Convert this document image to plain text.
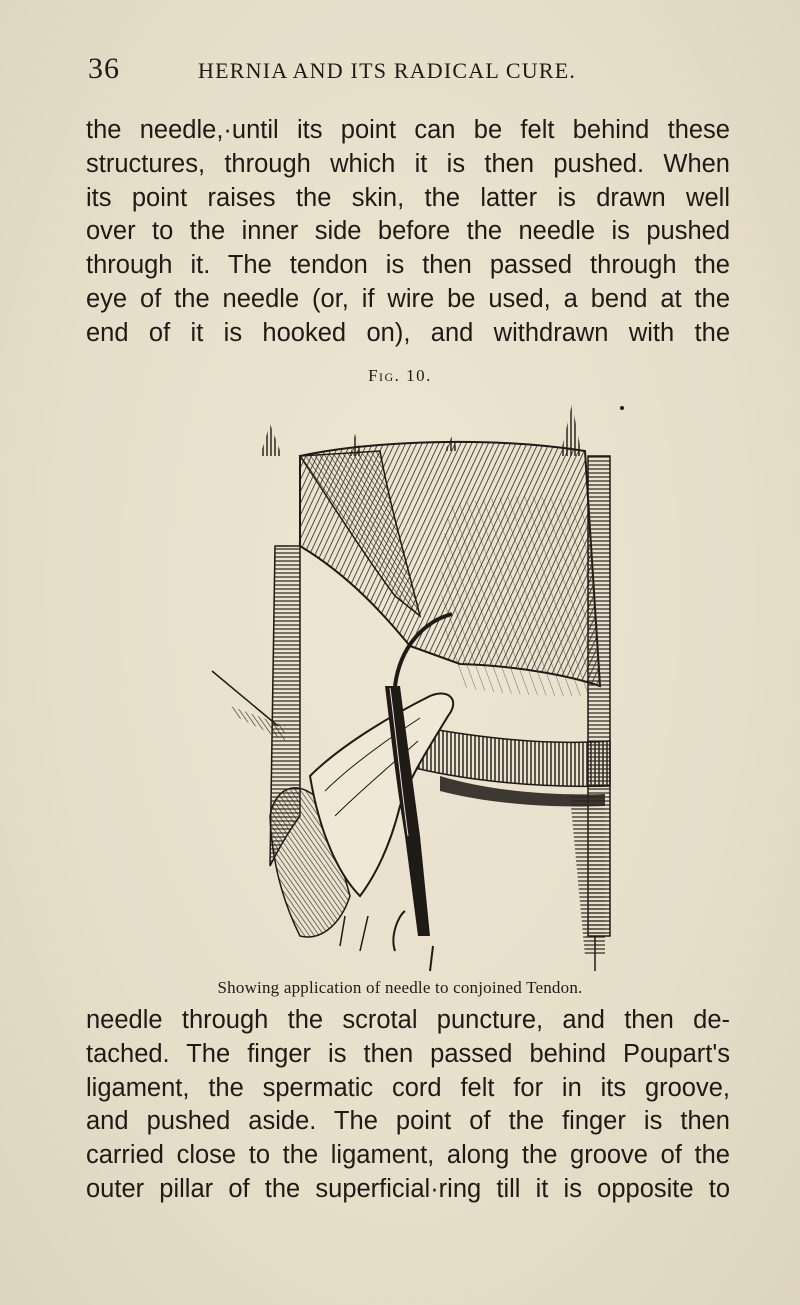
36	HERNIA AND ITS RADICAL CURE.

the needle,·until its point can be felt behind these
structures, through which it is then pushed. When
its point raises the skin, the latter is drawn well
over to the inner side before the needle is pushed
through it. The tendon is then passed through the
eye of the needle (or, if wire be used, a bend at the
end of it is hooked on), and withdrawn with the

Fig. 10.
Showing application of needle to conjoined Tendon.

needle through the scrotal puncture, and then de-
tached. The finger is then passed behind Poupart's
ligament, the spermatic cord felt for in its groove,
and pushed aside. The point of the finger is then
carried close to the ligament, along the groove of the
outer pillar of the superficial·ring till it is opposite to
